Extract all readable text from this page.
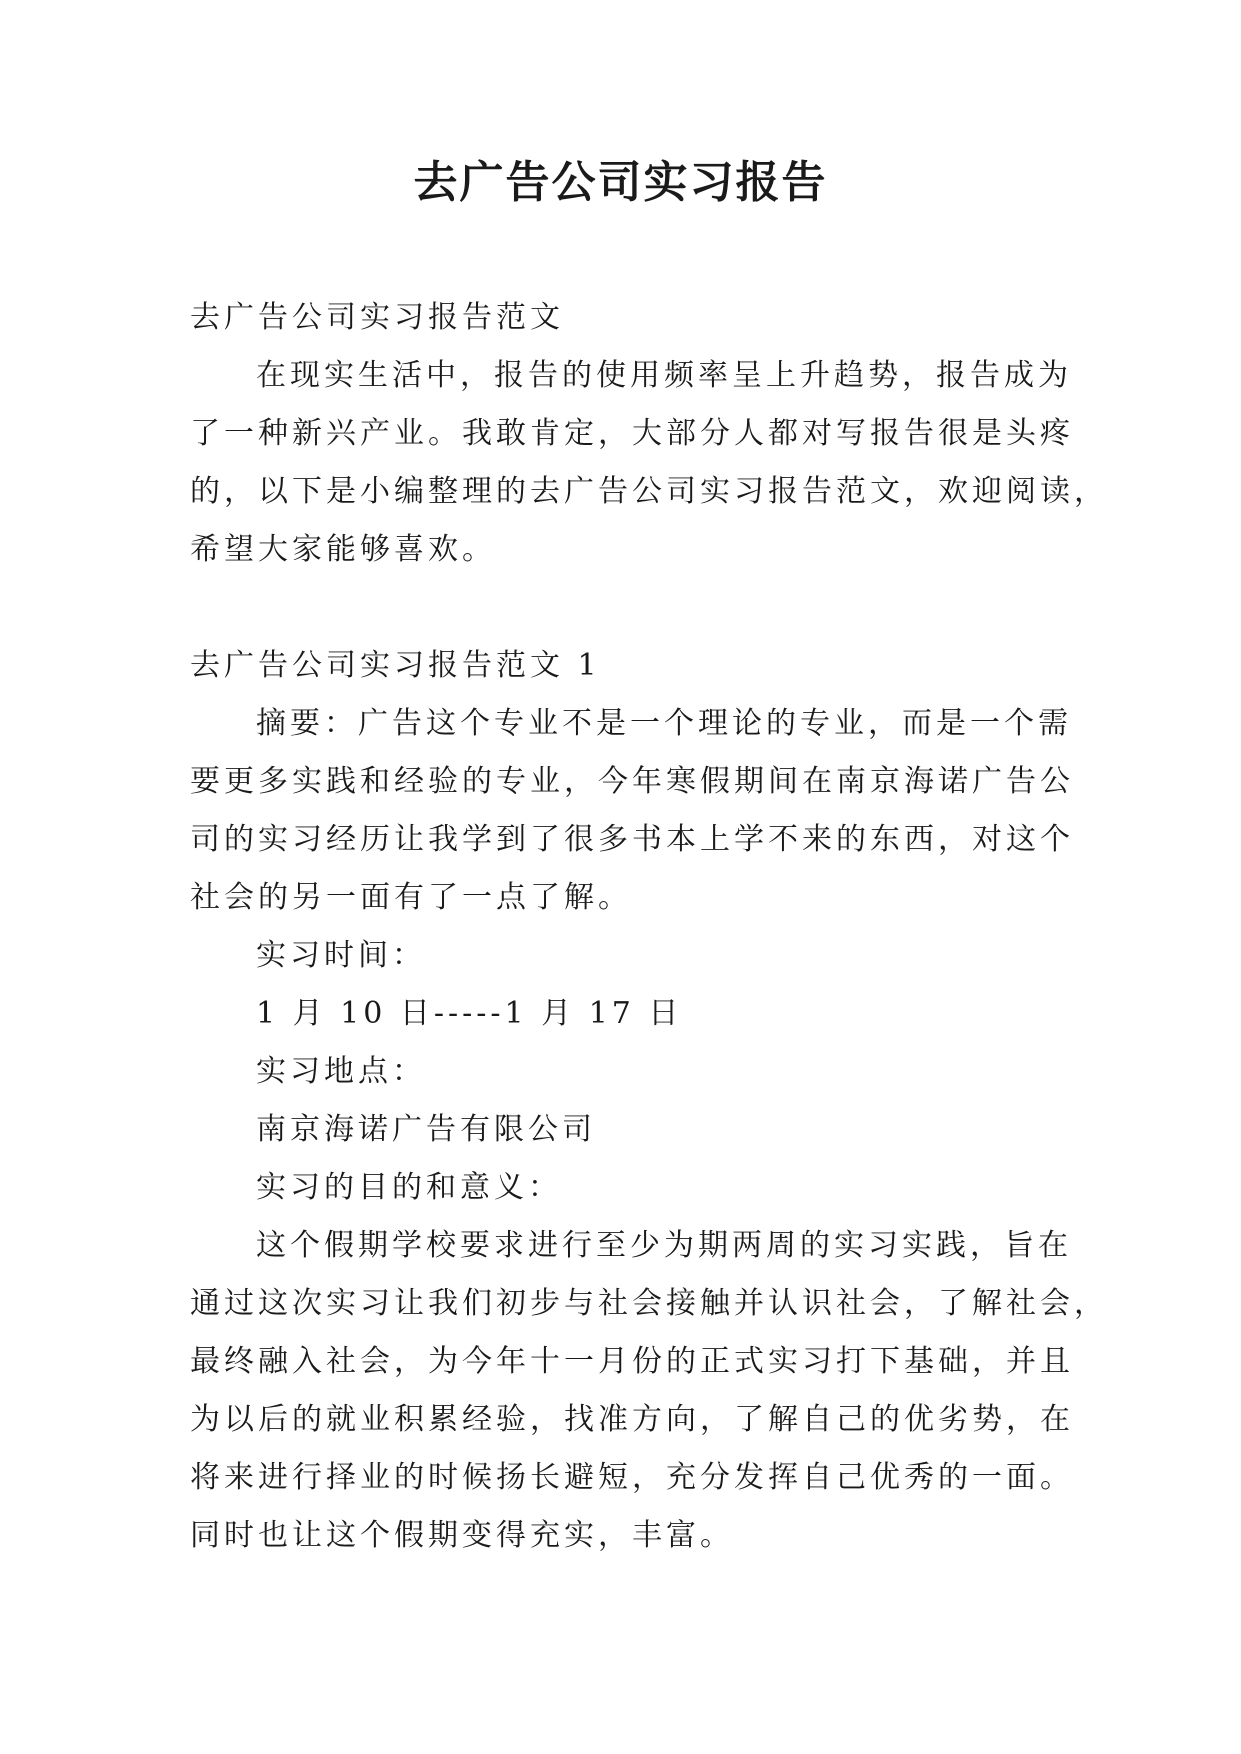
去广告公司实习报告

去广告公司实习报告范文

在现实生活中，报告的使用频率呈上升趋势，报告成为

了一种新兴产业。我敢肯定，大部分人都对写报告很是头疼

的，以下是小编整理的去广告公司实习报告范文，欢迎阅读，

希望大家能够喜欢。

去广告公司实习报告范文 1

摘要：广告这个专业不是一个理论的专业，而是一个需

要更多实践和经验的专业，今年寒假期间在南京海诺广告公

司的实习经历让我学到了很多书本上学不来的东西，对这个

社会的另一面有了一点了解。

实习时间：

1 月 10 日-----1 月 17 日

实习地点：

南京海诺广告有限公司

实习的目的和意义：

这个假期学校要求进行至少为期两周的实习实践，旨在

通过这次实习让我们初步与社会接触并认识社会，了解社会，

最终融入社会，为今年十一月份的正式实习打下基础，并且

为以后的就业积累经验，找准方向，了解自己的优劣势，在

将来进行择业的时候扬长避短，充分发挥自己优秀的一面。

同时也让这个假期变得充实，丰富。
